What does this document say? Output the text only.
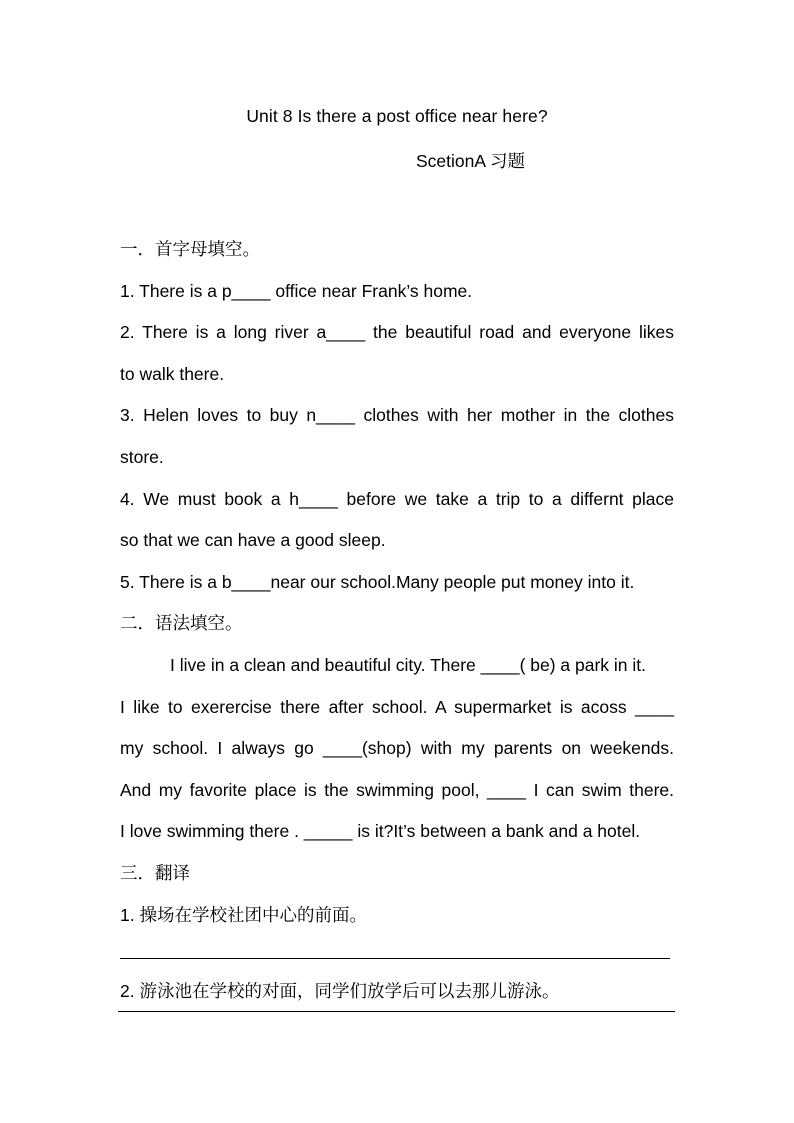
Unit 8 Is there a post office near here?
ScetionA 习题
一．首字母填空。
1. There is a p____ office near Frank’s home.
2. There is a long river a____ the beautiful road and everyone likes
to walk there.
3. Helen loves to buy n____ clothes with her mother in the clothes
store.
4. We must book a h____ before we take a trip to a differnt place
so that we can have a good sleep.
5. There is a b____near our school.Many people put money into it.
二．语法填空。
I live in a clean and beautiful city. There ____( be) a park in it.
I like to exerercise there after school. A supermarket is acoss ____
my school. I always go ____(shop) with my parents on weekends.
And my favorite place is the swimming pool, ____ I can swim there.
I love swimming there . _____ is it?It’s between a bank and a hotel.
三．翻译
1. 操场在学校社团中心的前面。
2. 游泳池在学校的对面，同学们放学后可以去那儿游泳。
